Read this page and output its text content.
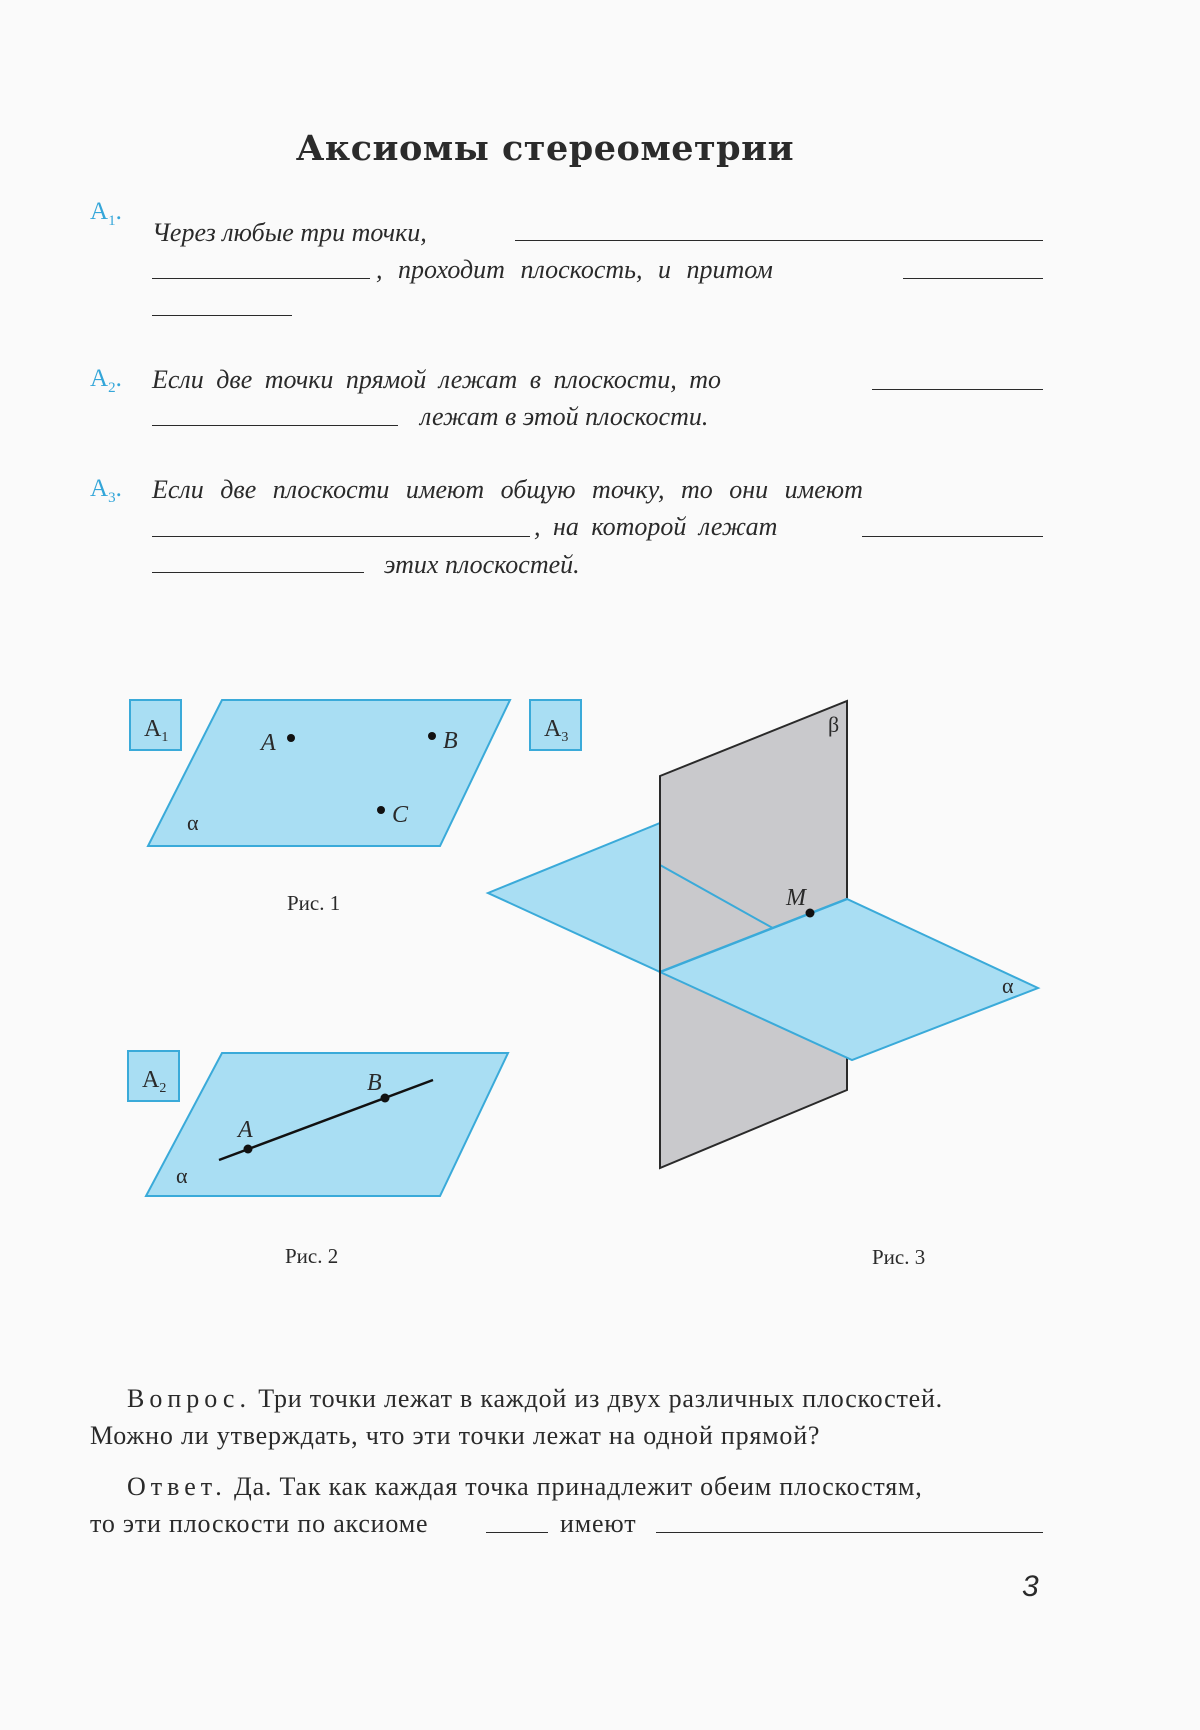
Аксиомы стереометрии
$A_1$.
Через любые три точки,
, проходит плоскость, и притом
$A_2$. Если две точки прямой лежат в плоскости, то
лежат в этой плоскости.
$A_3$. Если две плоскости имеют общую точку, то они имеют
, на которой лежат
этих плоскостей.
$A_1$	A	B
C
α
Рис. 1
$A_2$
A
B
α
Рис. 2
$A_3$
M
β
α
Рис. 3
Вопрос. Три точки лежат в каждой из двух различных плоскостей.
Можно ли утверждать, что эти точки лежат на одной прямой?
Ответ. Да. Так как каждая точка принадлежит обеим плоскостям,
то эти плоскости по аксиоме	имеют
3
